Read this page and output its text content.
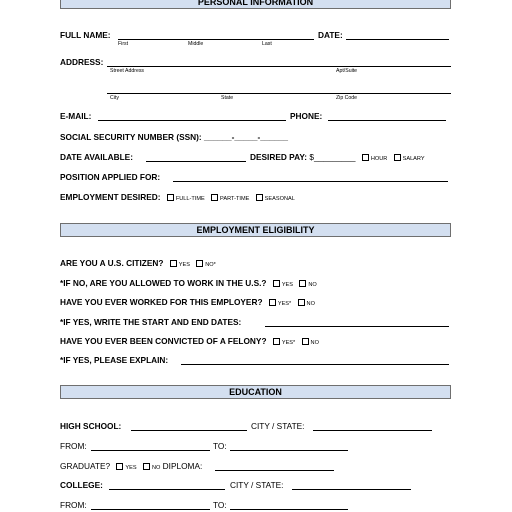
PERSONAL INFORMATION
FULL NAME:	DATE:
First	Middle	Last
ADDRESS:
Street Address	Apt/Suite
City	State	Zip Code
E-MAIL:	PHONE:
SOCIAL SECURITY NUMBER (SSN): ______-_____-______
DATE AVAILABLE:	DESIRED PAY: $_________	HOUR	SALARY
POSITION APPLIED FOR:
EMPLOYMENT DESIRED:	FULL-TIME	PART-TIME	SEASONAL
EMPLOYMENT ELIGIBILITY
ARE YOU A U.S. CITIZEN?	YES	NO*
*IF NO, ARE YOU ALLOWED TO WORK IN THE U.S.?	YES	NO
HAVE YOU EVER WORKED FOR THIS EMPLOYER?	YES*	NO
*IF YES, WRITE THE START AND END DATES:
HAVE YOU EVER BEEN CONVICTED OF A FELONY?	YES*	NO
*IF YES, PLEASE EXPLAIN:
EDUCATION
HIGH SCHOOL:	CITY / STATE:
FROM:	TO:
GRADUATE?	YES	NO DIPLOMA:
COLLEGE:	CITY / STATE:
FROM:	TO:
